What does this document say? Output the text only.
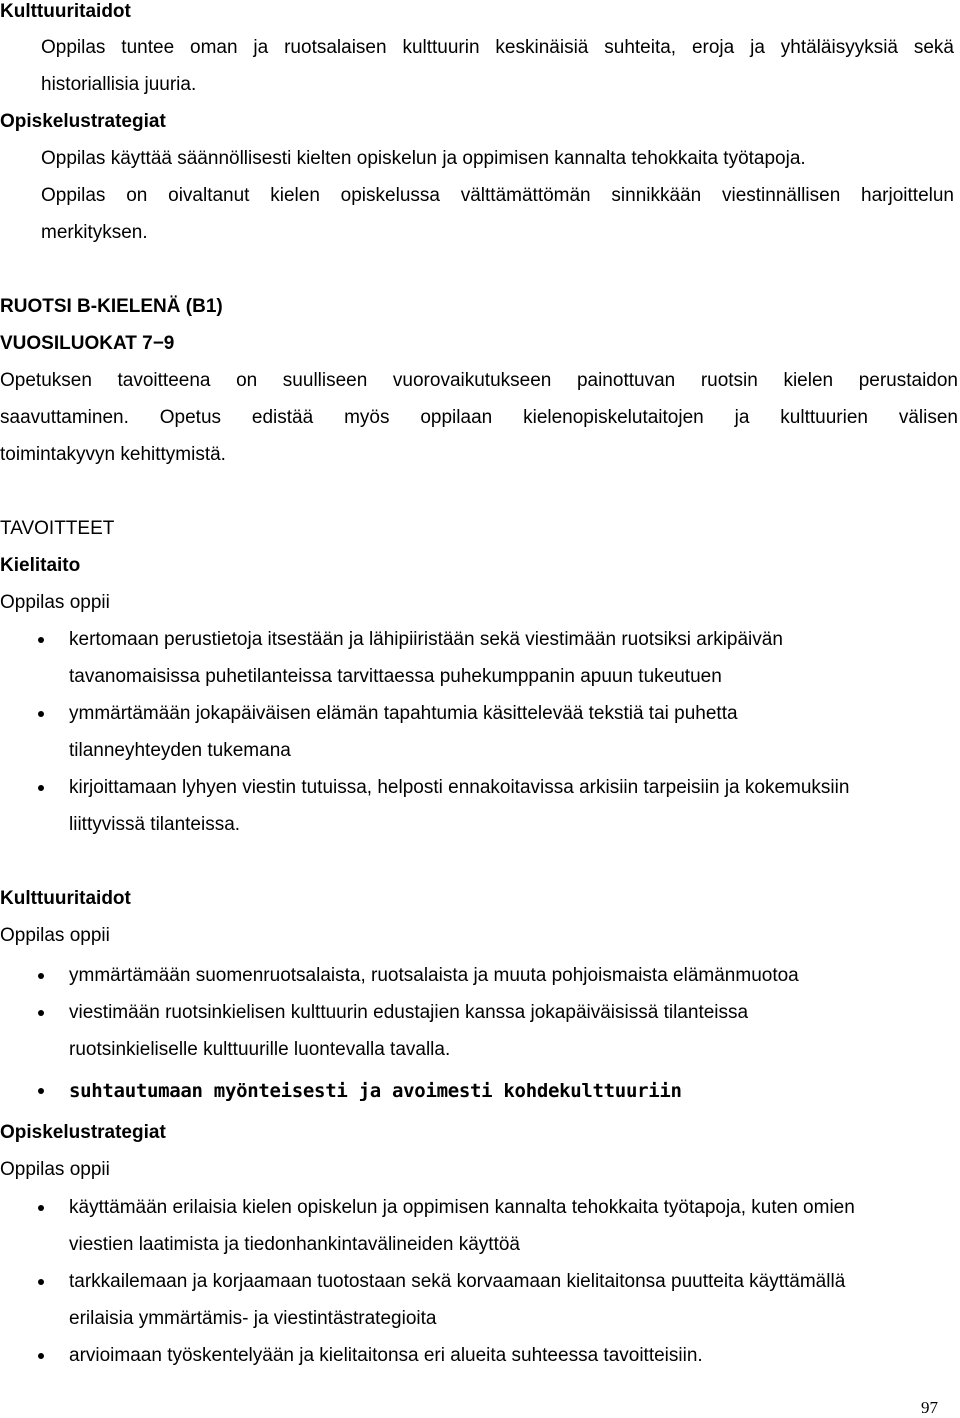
Kulttuuritaidot
Oppilas tuntee oman ja ruotsalaisen kulttuurin keskinäisiä suhteita, eroja ja yhtäläisyyksiä sekä
historiallisia juuria.
Opiskelustrategiat
Oppilas käyttää säännöllisesti kielten opiskelun ja oppimisen kannalta tehokkaita työtapoja.
Oppilas on oivaltanut kielen opiskelussa välttämättömän sinnikkään viestinnällisen harjoittelun
merkityksen.
RUOTSI B-KIELENÄ (B1)
VUOSILUOKAT 7−9
Opetuksen tavoitteena on suulliseen vuorovaikutukseen painottuvan ruotsin kielen perustaidon
saavuttaminen. Opetus edistää myös oppilaan kielenopiskelutaitojen ja kulttuurien välisen
toimintakyvyn kehittymistä.
TAVOITTEET
Kielitaito
Oppilas oppii
kertomaan perustietoja itsestään ja lähipiiristään sekä viestimään ruotsiksi arkipäivän
tavanomaisissa puhetilanteissa tarvittaessa puhekumppanin apuun tukeutuen
ymmärtämään jokapäiväisen elämän tapahtumia käsittelevää tekstiä tai puhetta
tilanneyhteyden tukemana
kirjoittamaan lyhyen viestin tutuissa, helposti ennakoitavissa arkisiin tarpeisiin ja kokemuksiin
liittyvissä tilanteissa.
Kulttuuritaidot
Oppilas oppii
ymmärtämään suomenruotsalaista, ruotsalaista ja muuta pohjoismaista elämänmuotoa
viestimään ruotsinkielisen kulttuurin edustajien kanssa jokapäiväisissä tilanteissa
ruotsinkieliselle kulttuurille luontevalla tavalla.
suhtautumaan myönteisesti ja avoimesti kohdekulttuuriin
Opiskelustrategiat
Oppilas oppii
käyttämään erilaisia kielen opiskelun ja oppimisen kannalta tehokkaita työtapoja, kuten omien
viestien laatimista ja tiedonhankintavälineiden käyttöä
tarkkailemaan ja korjaamaan tuotostaan sekä korvaamaan kielitaitonsa puutteita käyttämällä
erilaisia ymmärtämis- ja viestintästrategioita
arvioimaan työskentelyään ja kielitaitonsa eri alueita suhteessa tavoitteisiin.
97
